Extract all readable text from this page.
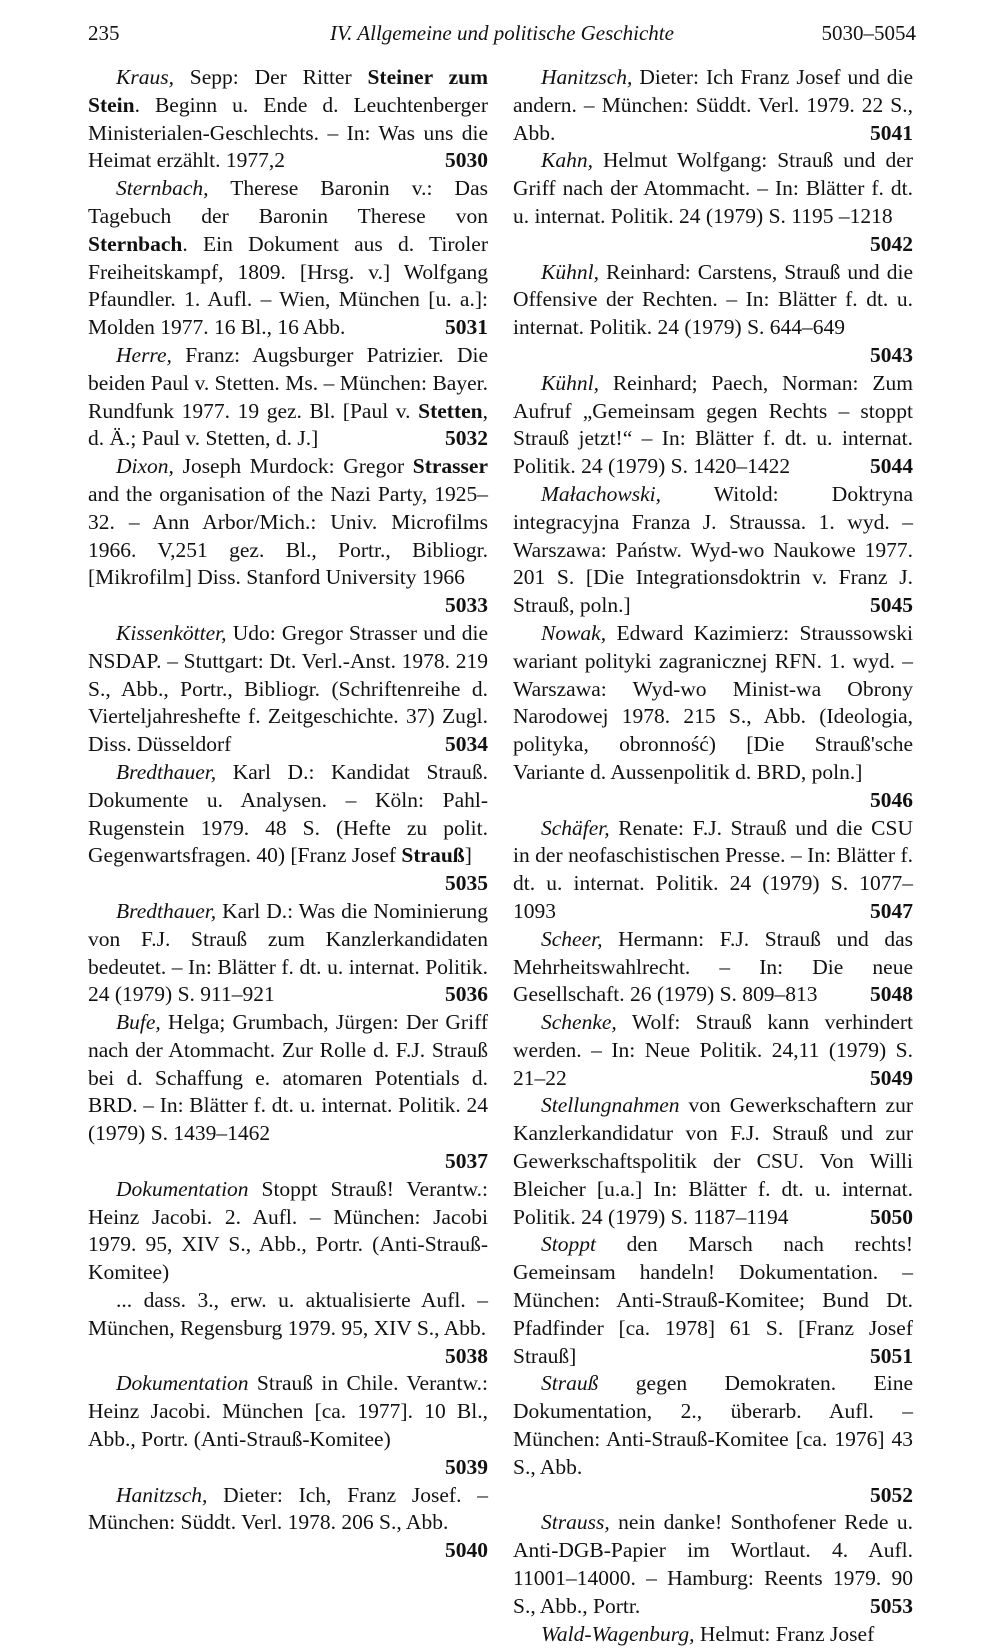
235	IV. Allgemeine und politische Geschichte	5030–5054

Kraus, Sepp: Der Ritter Steiner zum Stein. Beginn u. Ende d. Leuchtenberger Ministerialen-Geschlechts. – In: Was uns die Heimat erzählt. 1977,2	5030

Sternbach, Therese Baronin v.: Das Tagebuch der Baronin Therese von Sternbach. Ein Dokument aus d. Tiroler Freiheitskampf, 1809. [Hrsg. v.] Wolfgang Pfaundler. 1. Aufl. – Wien, München [u. a.]: Molden 1977. 16 Bl., 16 Abb.	5031

Herre, Franz: Augsburger Patrizier. Die beiden Paul v. Stetten. Ms. – München: Bayer. Rundfunk 1977. 19 gez. Bl. [Paul v. Stetten, d. Ä.; Paul v. Stetten, d. J.]	5032

Dixon, Joseph Murdock: Gregor Strasser and the organisation of the Nazi Party, 1925–32. – Ann Arbor/Mich.: Univ. Microfilms 1966. V,251 gez. Bl., Portr., Bibliogr. [Mikrofilm] Diss. Stanford University 1966
5033

Kissenkötter, Udo: Gregor Strasser und die NSDAP. – Stuttgart: Dt. Verl.-Anst. 1978. 219 S., Abb., Portr., Bibliogr. (Schriftenreihe d. Vierteljahreshefte f. Zeitgeschichte. 37) Zugl. Diss. Düsseldorf	5034

Bredthauer, Karl D.: Kandidat Strauß. Dokumente u. Analysen. – Köln: Pahl-Rugenstein 1979. 48 S. (Hefte zu polit. Gegenwartsfragen. 40) [Franz Josef Strauß]
5035

Bredthauer, Karl D.: Was die Nominierung von F.J. Strauß zum Kanzlerkandidaten bedeutet. – In: Blätter f. dt. u. internat. Politik. 24 (1979) S. 911–921	5036

Bufe, Helga; Grumbach, Jürgen: Der Griff nach der Atommacht. Zur Rolle d. F.J. Strauß bei d. Schaffung e. atomaren Potentials d. BRD. – In: Blätter f. dt. u. internat. Politik. 24 (1979) S. 1439–1462
5037

Dokumentation Stoppt Strauß! Verantw.: Heinz Jacobi. 2. Aufl. – München: Jacobi 1979. 95, XIV S., Abb., Portr. (Anti-Strauß-Komitee)

... dass. 3., erw. u. aktualisierte Aufl. – München, Regensburg 1979. 95, XIV S., Abb.
5038

Dokumentation Strauß in Chile. Verantw.: Heinz Jacobi. München [ca. 1977]. 10 Bl., Abb., Portr. (Anti-Strauß-Komitee)
5039

Hanitzsch, Dieter: Ich, Franz Josef. – München: Süddt. Verl. 1978. 206 S., Abb.
5040

Hanitzsch, Dieter: Ich Franz Josef und die andern. – München: Süddt. Verl. 1979. 22 S., Abb.	5041

Kahn, Helmut Wolfgang: Strauß und der Griff nach der Atommacht. – In: Blätter f. dt. u. internat. Politik. 24 (1979) S. 1195 –1218
5042

Kühnl, Reinhard: Carstens, Strauß und die Offensive der Rechten. – In: Blätter f. dt. u. internat. Politik. 24 (1979) S. 644–649
5043

Kühnl, Reinhard; Paech, Norman: Zum Aufruf „Gemeinsam gegen Rechts – stoppt Strauß jetzt!“ – In: Blätter f. dt. u. internat. Politik. 24 (1979) S. 1420–1422	5044

Małachowski, Witold: Doktryna integracyjna Franza J. Straussa. 1. wyd. – Warszawa: Państw. Wyd-wo Naukowe 1977. 201 S. [Die Integrationsdoktrin v. Franz J. Strauß, poln.]	5045

Nowak, Edward Kazimierz: Straussowski wariant polityki zagranicznej RFN. 1. wyd. – Warszawa: Wyd-wo Minist-wa Obrony Narodowej 1978. 215 S., Abb. (Ideologia, polityka, obronność) [Die Strauß'sche Variante d. Aussenpolitik d. BRD, poln.]
5046

Schäfer, Renate: F.J. Strauß und die CSU in der neofaschistischen Presse. – In: Blätter f. dt. u. internat. Politik. 24 (1979) S. 1077–1093	5047

Scheer, Hermann: F.J. Strauß und das Mehrheitswahlrecht. – In: Die neue Gesellschaft. 26 (1979) S. 809–813	5048

Schenke, Wolf: Strauß kann verhindert werden. – In: Neue Politik. 24,11 (1979) S. 21–22	5049

Stellungnahmen von Gewerkschaftern zur Kanzlerkandidatur von F.J. Strauß und zur Gewerkschaftspolitik der CSU. Von Willi Bleicher [u.a.] In: Blätter f. dt. u. internat. Politik. 24 (1979) S. 1187–1194	5050

Stoppt den Marsch nach rechts! Gemeinsam handeln! Dokumentation. – München: Anti-Strauß-Komitee; Bund Dt. Pfadfinder [ca. 1978] 61 S. [Franz Josef Strauß]	5051

Strauß gegen Demokraten. Eine Dokumentation, 2., überarb. Aufl. – München: Anti-Strauß-Komitee [ca. 1976] 43 S., Abb.
5052

Strauss, nein danke! Sonthofener Rede u. Anti-DGB-Papier im Wortlaut. 4. Aufl. 11001–14000. – Hamburg: Reents 1979. 90 S., Abb., Portr.	5053

Wald-Wagenburg, Helmut: Franz Josef
